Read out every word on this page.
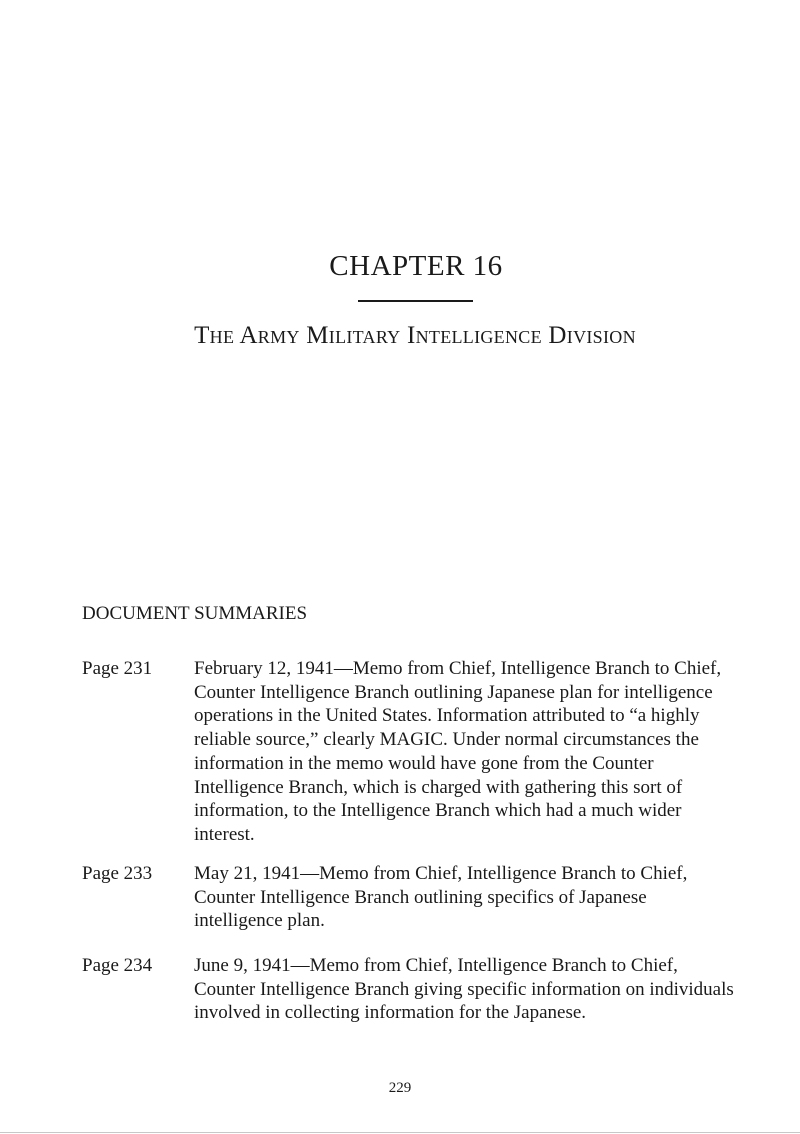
CHAPTER 16
The Army Military Intelligence Division
DOCUMENT SUMMARIES
Page 231	February 12, 1941—Memo from Chief, Intelligence Branch to Chief, Counter Intelligence Branch outlining Japanese plan for intelligence operations in the United States. Information attributed to “a highly reliable source,” clearly MAGIC. Under normal circumstances the information in the memo would have gone from the Counter Intelligence Branch, which is charged with gathering this sort of information, to the Intelligence Branch which had a much wider interest.
Page 233	May 21, 1941—Memo from Chief, Intelligence Branch to Chief, Counter Intelligence Branch outlining specifics of Japanese intelligence plan.
Page 234	June 9, 1941—Memo from Chief, Intelligence Branch to Chief, Counter Intelligence Branch giving specific information on individuals involved in collecting information for the Japanese.
229
